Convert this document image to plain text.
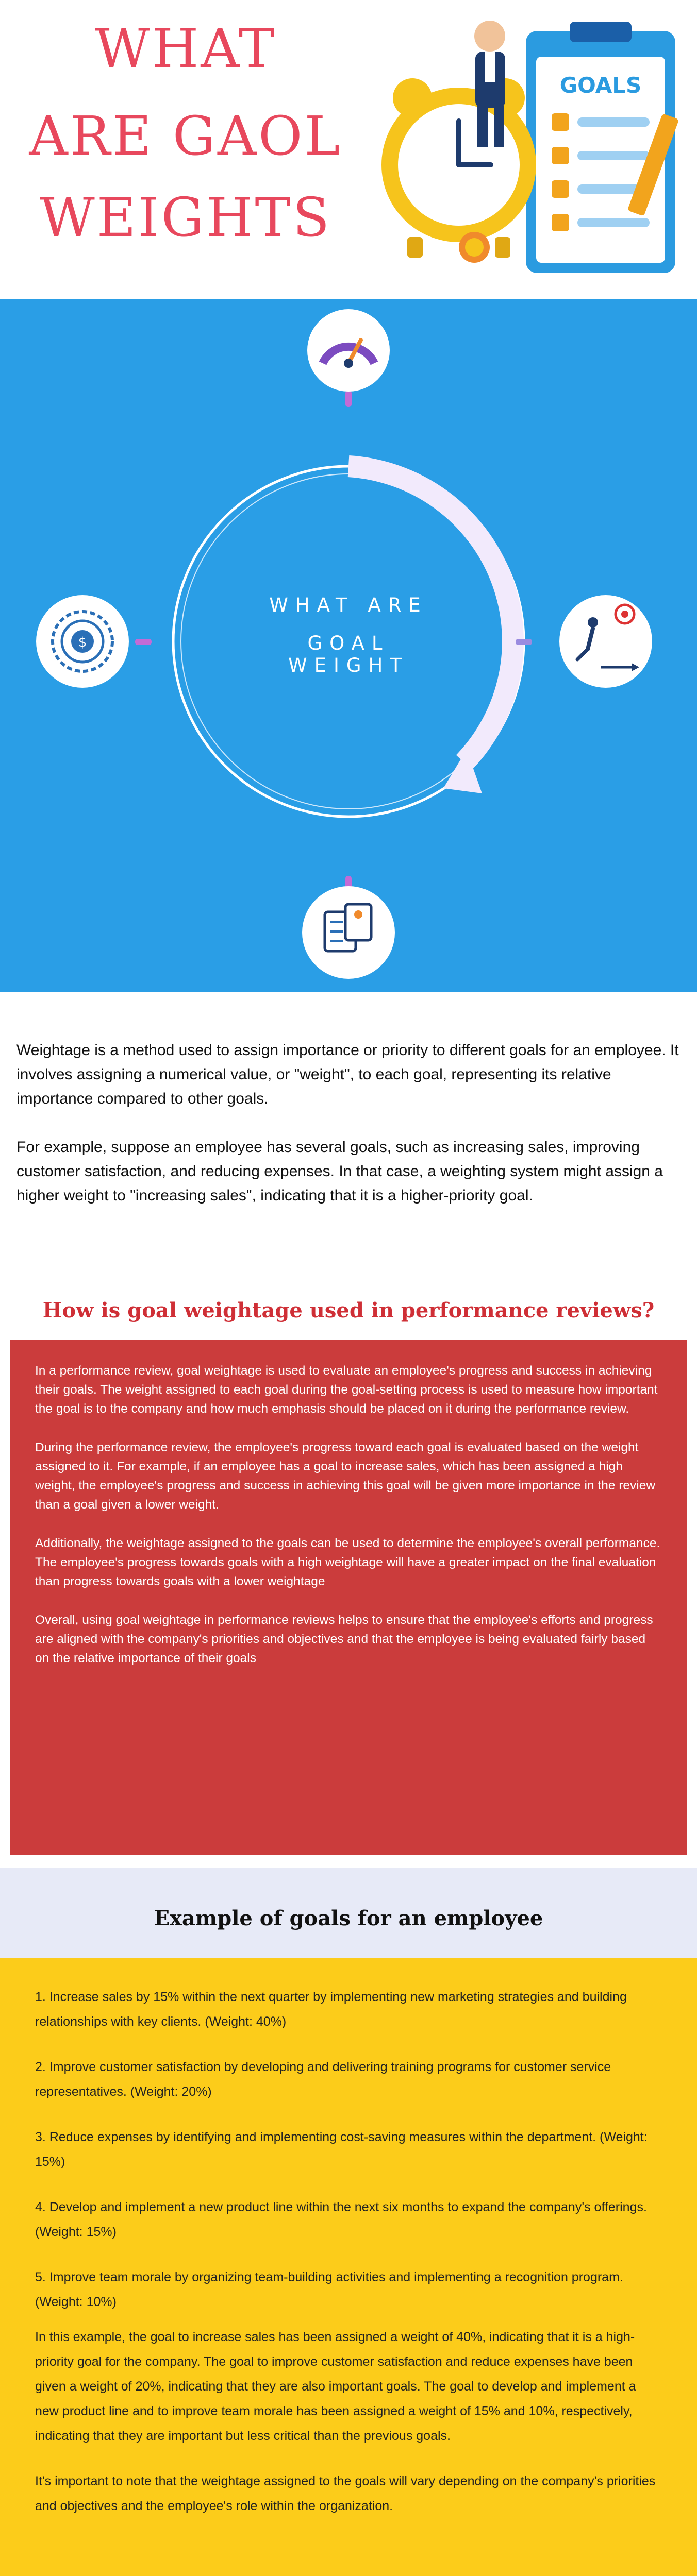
WHAT
ARE GAOL
WEIGHTS
GOALS
$
WHAT ARE
GOAL WEIGHT

Weightage is a method used to assign importance or priority to different goals for an employee. It involves assigning a numerical value, or "weight", to each goal, representing its relative importance compared to other goals.

For example, suppose an employee has several goals, such as increasing sales, improving customer satisfaction, and reducing expenses. In that case, a weighting system might assign a higher weight to "increasing sales", indicating that it is a higher-priority goal.

How is goal weightage used in performance reviews?

In a performance review, goal weightage is used to evaluate an employee's progress and success in achieving their goals. The weight assigned to each goal during the goal-setting process is used to measure how important the goal is to the company and how much emphasis should be placed on it during the performance review.

During the performance review, the employee's progress toward each goal is evaluated based on the weight assigned to it. For example, if an employee has a goal to increase sales, which has been assigned a high weight, the employee's progress and success in achieving this goal will be given more importance in the review than a goal given a lower weight.

Additionally, the weightage assigned to the goals can be used to determine the employee's overall performance. The employee's progress towards goals with a high weightage will have a greater impact on the final evaluation than progress towards goals with a lower weightage

Overall, using goal weightage in performance reviews helps to ensure that the employee's efforts and progress are aligned with the company's priorities and objectives and that the employee is being evaluated fairly based on the relative importance of their goals

Example of goals for an employee

1. Increase sales by 15% within the next quarter by implementing new marketing strategies and building relationships with key clients. (Weight: 40%)

2. Improve customer satisfaction by developing and delivering training programs for customer service representatives. (Weight: 20%)

3. Reduce expenses by identifying and implementing cost-saving measures within the department. (Weight: 15%)

4. Develop and implement a new product line within the next six months to expand the company's offerings. (Weight: 15%)

5. Improve team morale by organizing team-building activities and implementing a recognition program. (Weight: 10%)

In this example, the goal to increase sales has been assigned a weight of 40%, indicating that it is a high-priority goal for the company. The goal to improve customer satisfaction and reduce expenses have been given a weight of 20%, indicating that they are also important goals. The goal to develop and implement a new product line and to improve team morale has been assigned a weight of 15% and 10%, respectively, indicating that they are important but less critical than the previous goals.

It's important to note that the weightage assigned to the goals will vary depending on the company's priorities and objectives and the employee's role within the organization.
